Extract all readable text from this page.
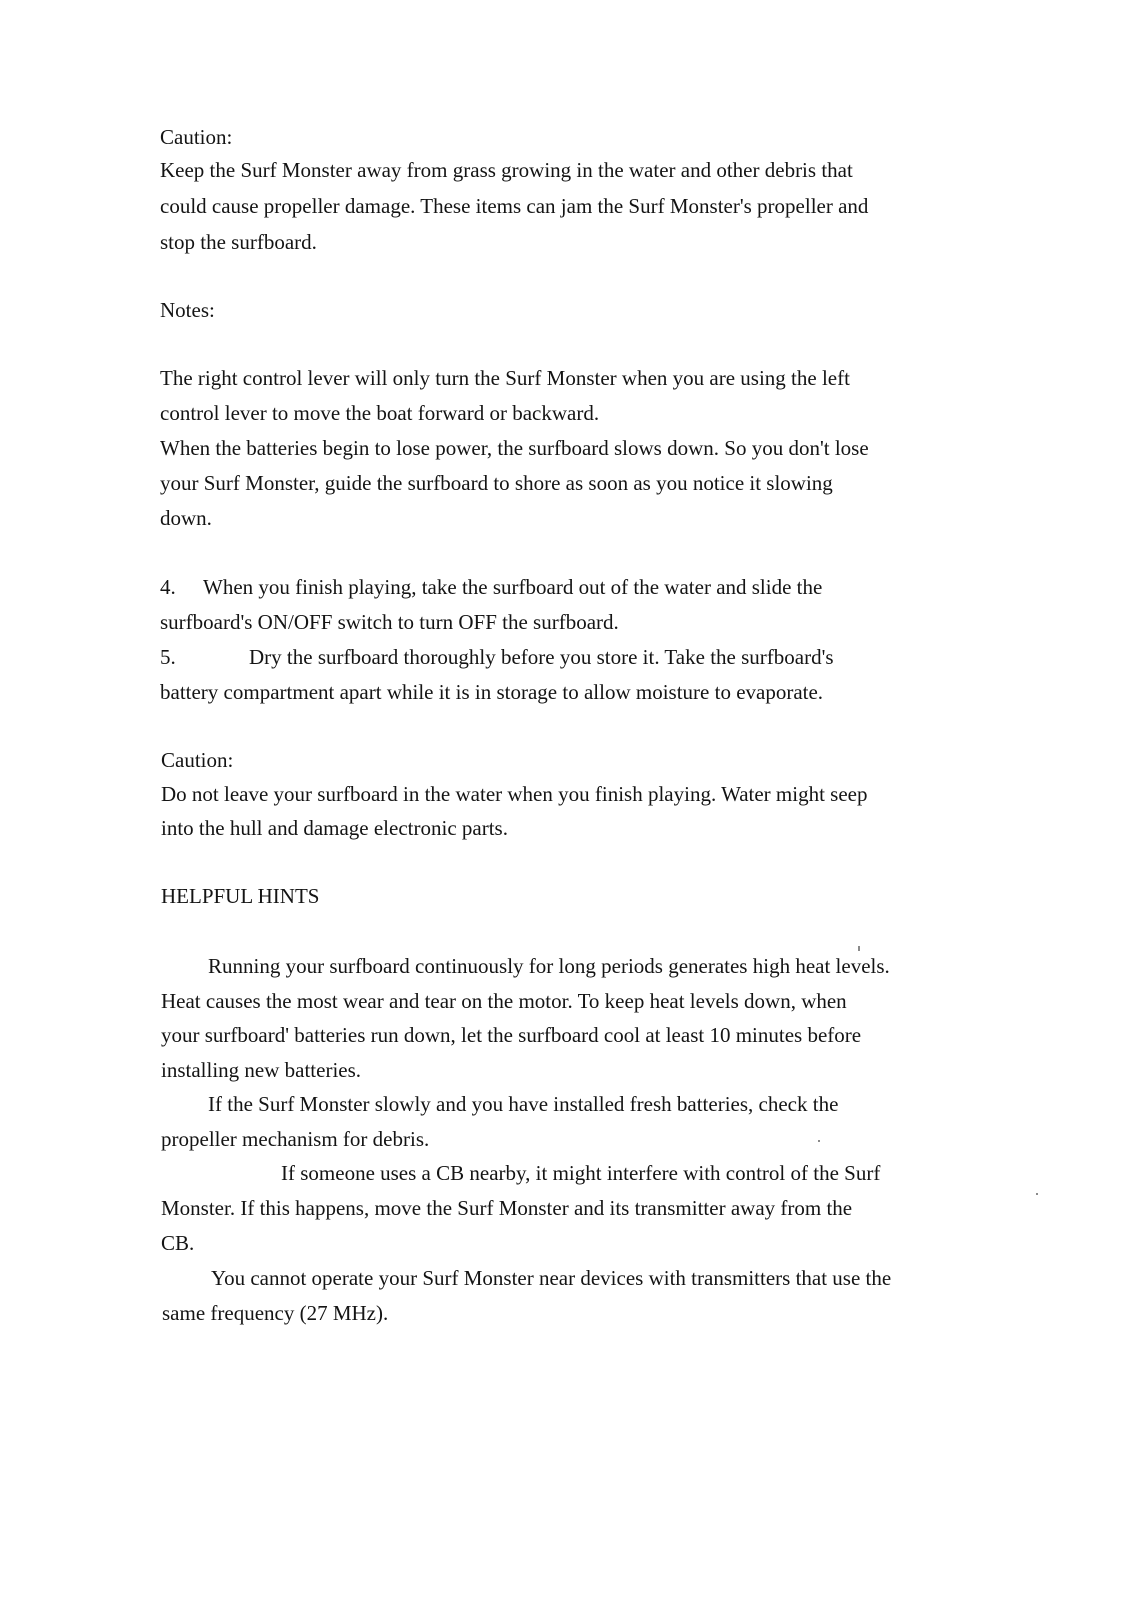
Caution:
Keep the Surf Monster away from grass growing in the water and other debris that
could cause propeller damage. These items can jam the Surf Monster's propeller and
stop the surfboard.
Notes:
The right control lever will only turn the Surf Monster when you are using the left
control lever to move the boat forward or backward.
When the batteries begin to lose power, the surfboard slows down. So you don't lose
your Surf Monster, guide the surfboard to shore as soon as you notice it slowing
down.
4. When you finish playing, take the surfboard out of the water and slide the
surfboard's ON/OFF switch to turn OFF the surfboard.
5.	Dry the surfboard thoroughly before you store it. Take the surfboard's
battery compartment apart while it is in storage to allow moisture to evaporate.
Caution:
Do not leave your surfboard in the water when you finish playing. Water might seep
into the hull and damage electronic parts.
HELPFUL HINTS
Running your surfboard continuously for long periods generates high heat levels.
Heat causes the most wear and tear on the motor. To keep heat levels down, when
your surfboard' batteries run down, let the surfboard cool at least 10 minutes before
installing new batteries.
If the Surf Monster slowly and you have installed fresh batteries, check the
propeller mechanism for debris.
If someone uses a CB nearby, it might interfere with control of the Surf
Monster. If this happens, move the Surf Monster and its transmitter away from the
CB.
You cannot operate your Surf Monster near devices with transmitters that use the
same frequency (27 MHz).
